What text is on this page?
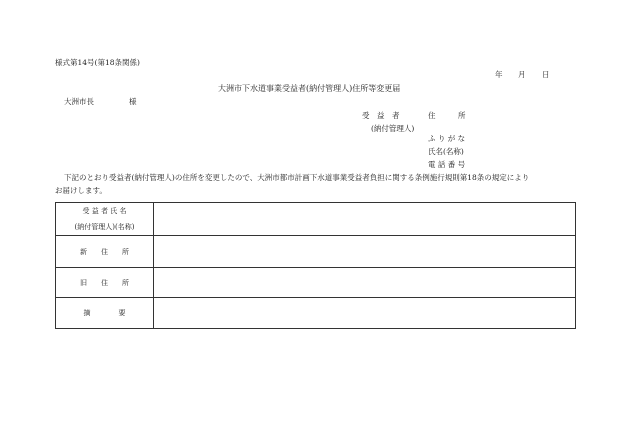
様式第14号(第18条関係)
年 月 日
大洲市下水道事業受益者(納付管理人)住所等変更届
大洲市長	様
受　益　者	住　　　所
(納付管理人)
ふ り が な
氏名(名称)
電 話 番 号
下記のとおり受益者(納付管理人)の住所を変更したので、大洲市都市計画下水道事業受益者負担に関する条例施行規則第18条の規定により
お届けします。
受 益 者 氏 名
(納付管理人)(名称)	

新　　住　　所	
旧　　住　　所	
摘　　　　要	
